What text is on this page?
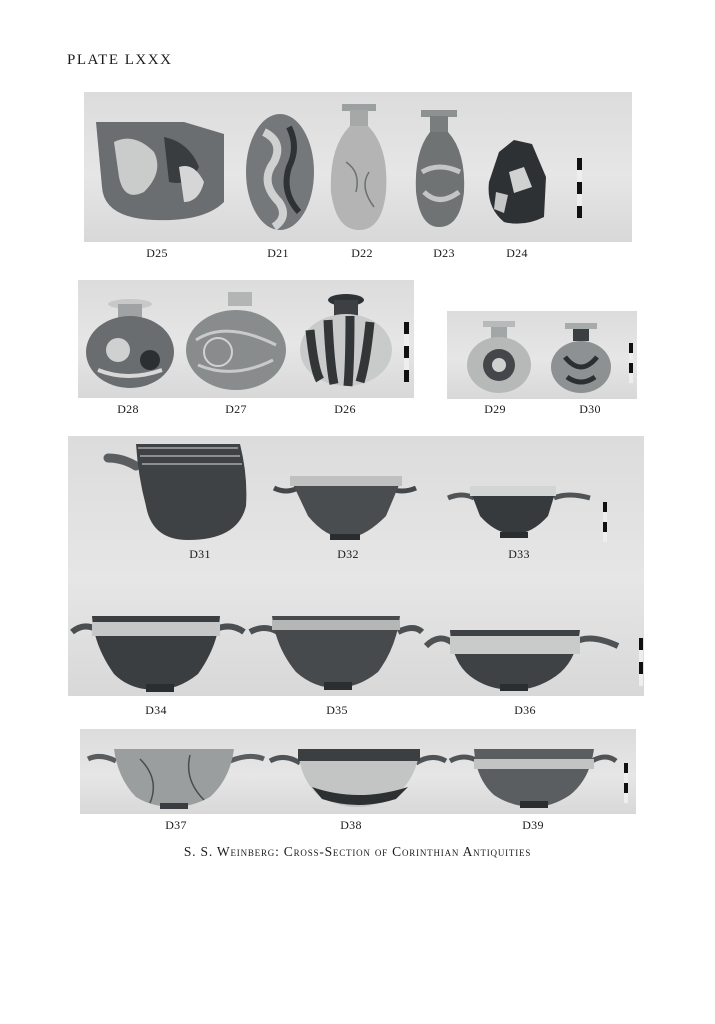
PLATE LXXX
D25	D21	D22	D23	D24
D28	D27	D26	D29	D30
D31	D32	D33
D34	D35	D36
D37	D38	D39
S. S. Weinberg: Cross-Section of Corinthian Antiquities
